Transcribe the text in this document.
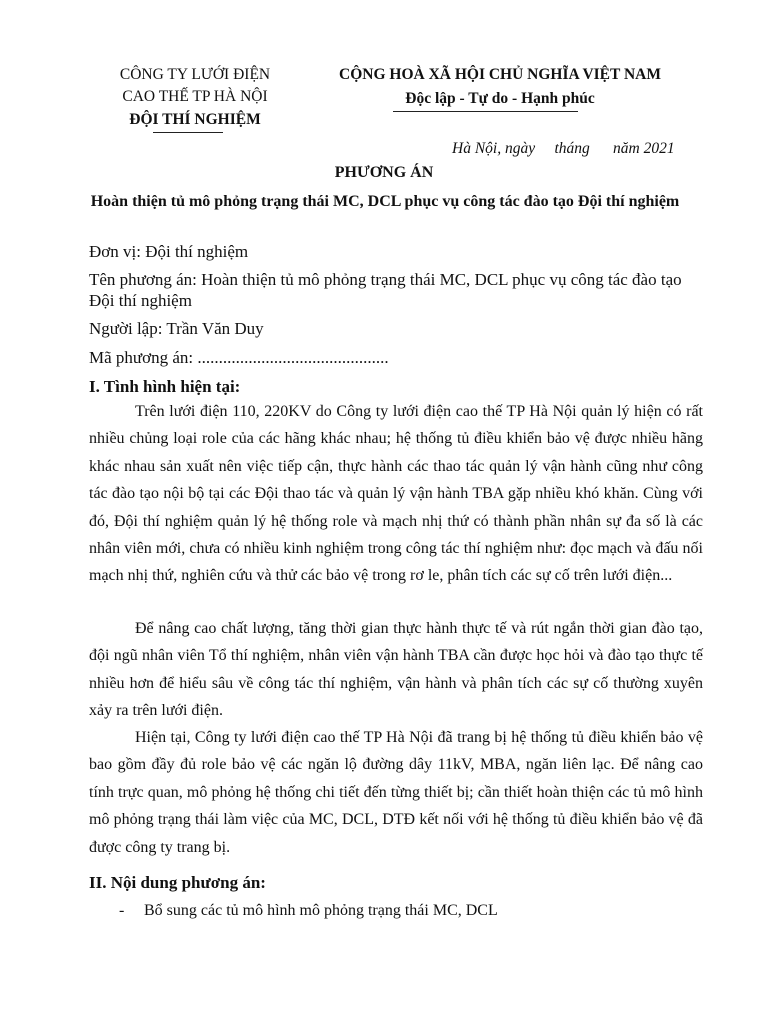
CÔNG TY LƯỚI ĐIỆN
CAO THẾ TP HÀ NỘI
ĐỘI THÍ NGHIỆM
CỘNG HOÀ XÃ HỘI CHỦ NGHĨA VIỆT NAM
Độc lập - Tự do - Hạnh phúc
Hà Nội, ngày     tháng      năm 2021
PHƯƠNG ÁN
Hoàn thiện tủ mô phỏng trạng thái MC, DCL phục vụ công tác đào tạo Đội thí nghiệm
Đơn vị: Đội thí nghiệm
Tên phương án: Hoàn thiện tủ mô phỏng trạng thái MC, DCL phục vụ công tác đào tạo Đội thí nghiệm
Người lập: Trần Văn Duy
Mã phương án: .............................................
I. Tình hình hiện tại:
Trên lưới điện 110, 220KV do Công ty lưới điện cao thế TP Hà Nội quản lý hiện có rất nhiều chủng loại role của các hãng khác nhau; hệ thống tủ điều khiển bảo vệ được nhiều hãng khác nhau sản xuất nên việc tiếp cận, thực hành các thao tác quản lý vận hành cũng như công tác đào tạo nội bộ tại các Đội thao tác và quản lý vận hành TBA gặp nhiều khó khăn. Cùng với đó, Đội thí nghiệm quản lý hệ thống role và mạch nhị thứ có thành phần nhân sự đa số là các nhân viên mới, chưa có nhiều kinh nghiệm trong công tác thí nghiệm như: đọc mạch và đấu nối mạch nhị thứ, nghiên cứu và thử các bảo vệ trong rơ le, phân tích các sự cố trên lưới điện...
Để nâng cao chất lượng, tăng thời gian thực hành thực tế và rút ngắn thời gian đào tạo, đội ngũ nhân viên Tổ thí nghiệm, nhân viên vận hành TBA cần được học hỏi và đào tạo thực tế nhiều hơn để hiểu sâu về công tác thí nghiệm, vận hành và phân tích các sự cố thường xuyên xảy ra trên lưới điện.
Hiện tại, Công ty lưới điện cao thế TP Hà Nội đã trang bị hệ thống tủ điều khiển bảo vệ bao gồm đầy đủ role bảo vệ các ngăn lộ đường dây 11kV, MBA, ngăn liên lạc. Để nâng cao tính trực quan, mô phỏng hệ thống chi tiết đến từng thiết bị; cần thiết hoàn thiện các tủ mô hình mô phỏng trạng thái làm việc của MC, DCL, DTĐ kết nối với hệ thống tủ điều khiển bảo vệ đã được công ty trang bị.
II. Nội dung phương án:
- Bổ sung các tủ mô hình mô phỏng trạng thái MC, DCL
